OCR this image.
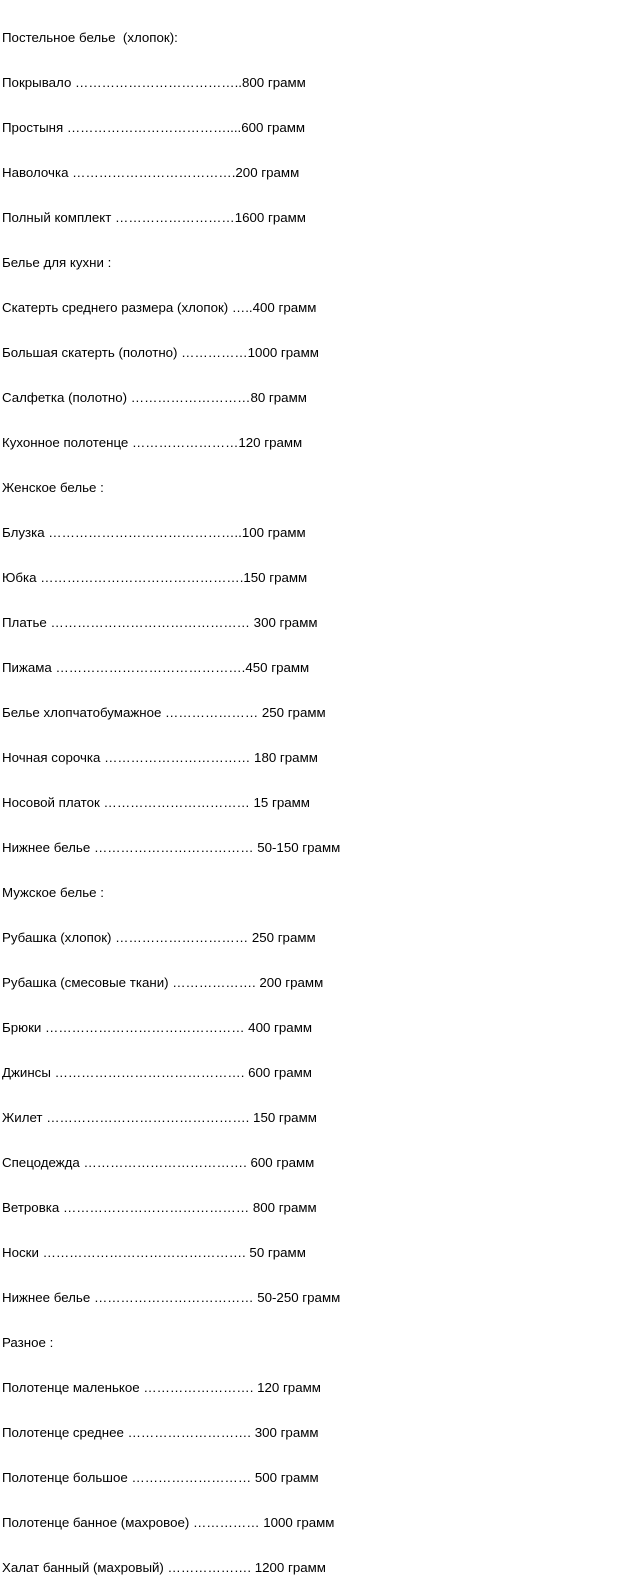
Постельное белье  (хлопок):

Покрывало ………………………………..800 грамм

Простыня ………………………………....600 грамм

Наволочка ……………………………….200 грамм

Полный комплект ………………………1600 грамм

Белье для кухни :

Скатерть среднего размера (хлопок) …..400 грамм

Большая скатерть (полотно) ……………1000 грамм

Салфетка (полотно) ………………………80 грамм

Кухонное полотенце ……………………120 грамм

Женское белье :

Блузка ……………………………………..100 грамм

Юбка ……………………………………….150 грамм

Платье ……………………………………… 300 грамм

Пижама …………………………………….450 грамм

Белье хлопчатобумажное ………………… 250 грамм

Ночная сорочка …………………………… 180 грамм

Носовой платок …………………………… 15 грамм

Нижнее белье ……………………………… 50-150 грамм

Мужское белье :

Рубашка (хлопок) ………………………… 250 грамм

Рубашка (смесовые ткани) ………………. 200 грамм

Брюки ……………………………………… 400 грамм

Джинсы ……………………………………. 600 грамм

Жилет ………………………………………. 150 грамм

Спецодежда ………………………………. 600 грамм

Ветровка …………………………………… 800 грамм

Носки ………………………………………. 50 грамм

Нижнее белье ……………………………… 50-250 грамм

Разное :

Полотенце маленькое ……………………. 120 грамм

Полотенце среднее ………………………. 300 грамм

Полотенце большое ……………………… 500 грамм

Полотенце банное (махровое) …………… 1000 грамм

Халат банный (махровый) ………………. 1200 грамм
